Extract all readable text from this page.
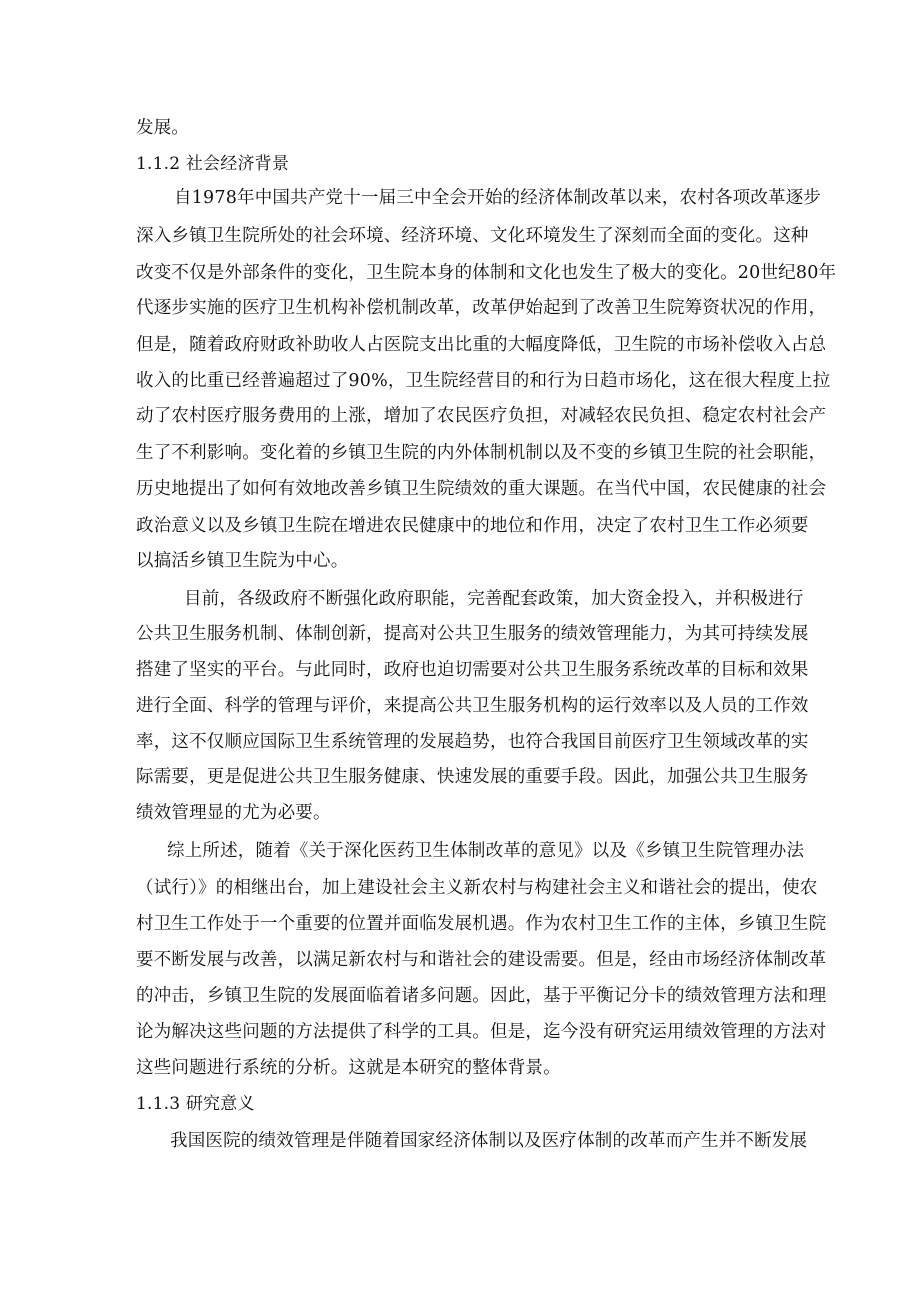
发展。
1.1.2 社会经济背景
自1978年中国共产党十一届三中全会开始的经济体制改革以来，农村各项改革逐步
深入乡镇卫生院所处的社会环境、经济环境、文化环境发生了深刻而全面的变化。这种
改变不仅是外部条件的变化，卫生院本身的体制和文化也发生了极大的变化。20世纪80年
代逐步实施的医疗卫生机构补偿机制改革，改革伊始起到了改善卫生院筹资状况的作用，
但是，随着政府财政补助收人占医院支出比重的大幅度降低，卫生院的市场补偿收入占总
收入的比重已经普遍超过了90%，卫生院经营目的和行为日趋市场化，这在很大程度上拉
动了农村医疗服务费用的上涨，增加了农民医疗负担，对减轻农民负担、稳定农村社会产
生了不利影响。变化着的乡镇卫生院的内外体制机制以及不变的乡镇卫生院的社会职能，
历史地提出了如何有效地改善乡镇卫生院绩效的重大课题。在当代中国，农民健康的社会
政治意义以及乡镇卫生院在增进农民健康中的地位和作用，决定了农村卫生工作必须要
以搞活乡镇卫生院为中心。
目前，各级政府不断强化政府职能，完善配套政策，加大资金投入，并积极进行
公共卫生服务机制、体制创新，提高对公共卫生服务的绩效管理能力，为其可持续发展
搭建了坚实的平台。与此同时，政府也迫切需要对公共卫生服务系统改革的目标和效果
进行全面、科学的管理与评价，来提高公共卫生服务机构的运行效率以及人员的工作效
率，这不仅顺应国际卫生系统管理的发展趋势，也符合我国目前医疗卫生领域改革的实
际需要，更是促进公共卫生服务健康、快速发展的重要手段。因此，加强公共卫生服务
绩效管理显的尤为必要。
综上所述，随着《关于深化医药卫生体制改革的意见》以及《乡镇卫生院管理办法
（试行）》的相继出台，加上建设社会主义新农村与构建社会主义和谐社会的提出，使农
村卫生工作处于一个重要的位置并面临发展机遇。作为农村卫生工作的主体，乡镇卫生院
要不断发展与改善，以满足新农村与和谐社会的建设需要。但是，经由市场经济体制改革
的冲击，乡镇卫生院的发展面临着诸多问题。因此，基于平衡记分卡的绩效管理方法和理
论为解决这些问题的方法提供了科学的工具。但是，迄今没有研究运用绩效管理的方法对
这些问题进行系统的分析。这就是本研究的整体背景。
1.1.3 研究意义
我国医院的绩效管理是伴随着国家经济体制以及医疗体制的改革而产生并不断发展
